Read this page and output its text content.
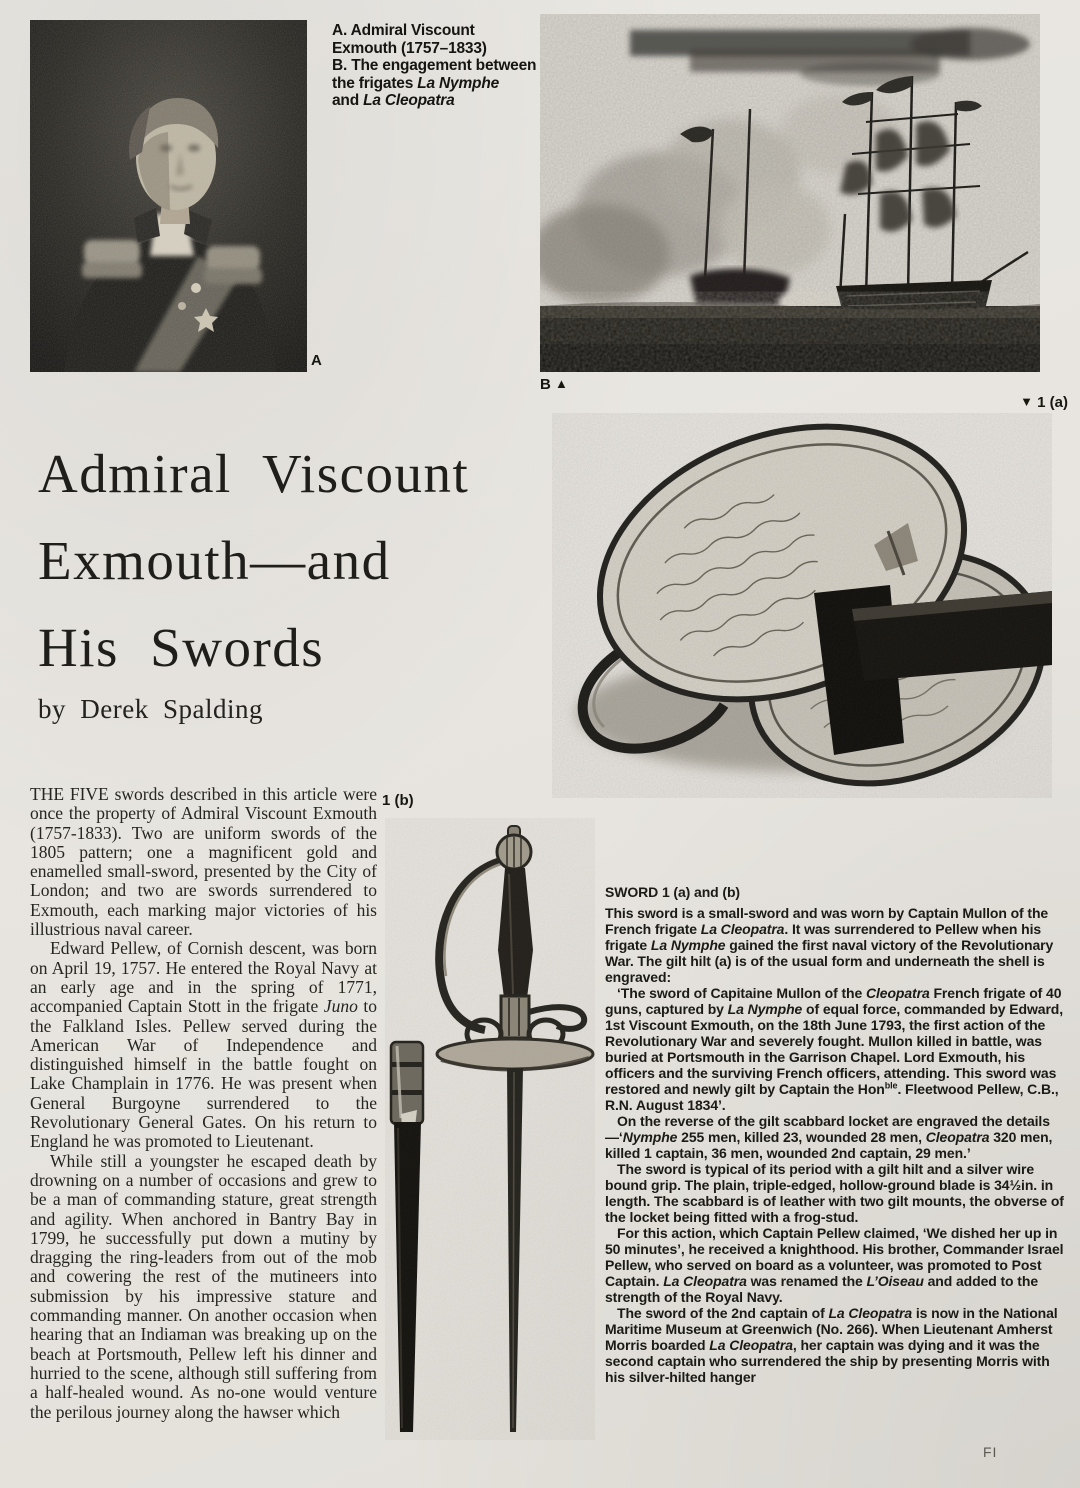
A
A. Admiral Viscount
Exmouth (1757–1833)
B. The engagement between
the frigates La Nymphe
and La Cleopatra
B ▲
▼ 1 (a)
Admiral Viscount
Exmouth—and
His Swords
by Derek Spalding

THE FIVE swords described in this article were once the property of Admiral Viscount Exmouth (1757-1833). Two are uniform swords of the 1805 pattern; one a magnificent gold and enamelled small-sword, presented by the City of London; and two are swords surrendered to Exmouth, each marking major victories of his illustrious naval career.

Edward Pellew, of Cornish descent, was born on April 19, 1757. He entered the Royal Navy at an early age and in the spring of 1771, accompanied Captain Stott in the frigate Juno to the Falkland Isles. Pellew served during the American War of Independence and distinguished himself in the battle fought on Lake Champlain in 1776. He was present when General Burgoyne surrendered to the Revolutionary General Gates. On his return to England he was promoted to Lieutenant.

While still a youngster he escaped death by drowning on a number of occasions and grew to be a man of commanding stature, great strength and agility. When anchored in Bantry Bay in 1799, he successfully put down a mutiny by dragging the ring-leaders from out of the mob and cowering the rest of the mutineers into submission by his impressive stature and commanding manner. On another occasion when hearing that an Indiaman was breaking up on the beach at Portsmouth, Pellew left his dinner and hurried to the scene, although still suffering from a half-healed wound. As no-one would venture the perilous journey along the hawser which

1 (b)
SWORD 1 (a) and (b)

This sword is a small-sword and was worn by Captain Mullon of the French frigate La Cleopatra. It was surrendered to Pellew when his frigate La Nymphe gained the first naval victory of the Revolutionary War. The gilt hilt (a) is of the usual form and underneath the shell is engraved:

‘The sword of Capitaine Mullon of the Cleopatra French frigate of 40 guns, captured by La Nymphe of equal force, commanded by Edward, 1st Viscount Exmouth, on the 18th June 1793, the first action of the Revolutionary War and severely fought. Mullon killed in battle, was buried at Portsmouth in the Garrison Chapel. Lord Exmouth, his officers and the surviving French officers, attending. This sword was restored and newly gilt by Captain the Hon$^{ble}$. Fleetwood Pellew, C.B., R.N. August 1834’.

On the reverse of the gilt scabbard locket are engraved the details—‘Nymphe 255 men, killed 23, wounded 28 men, Cleopatra 320 men, killed 1 captain, 36 men, wounded 2nd captain, 29 men.’

The sword is typical of its period with a gilt hilt and a silver wire bound grip. The plain, triple-edged, hollow-ground blade is 34½in. in length. The scabbard is of leather with two gilt mounts, the obverse of the locket being fitted with a frog-stud.

For this action, which Captain Pellew claimed, ‘We dished her up in 50 minutes’, he received a knighthood. His brother, Commander Israel Pellew, who served on board as a volunteer, was promoted to Post Captain. La Cleopatra was renamed the L’Oiseau and added to the strength of the Royal Navy.

The sword of the 2nd captain of La Cleopatra is now in the National Maritime Museum at Greenwich (No. 266). When Lieutenant Amherst Morris boarded La Cleopatra, her captain was dying and it was the second captain who surrendered the ship by presenting Morris with his silver-hilted hanger

FI
